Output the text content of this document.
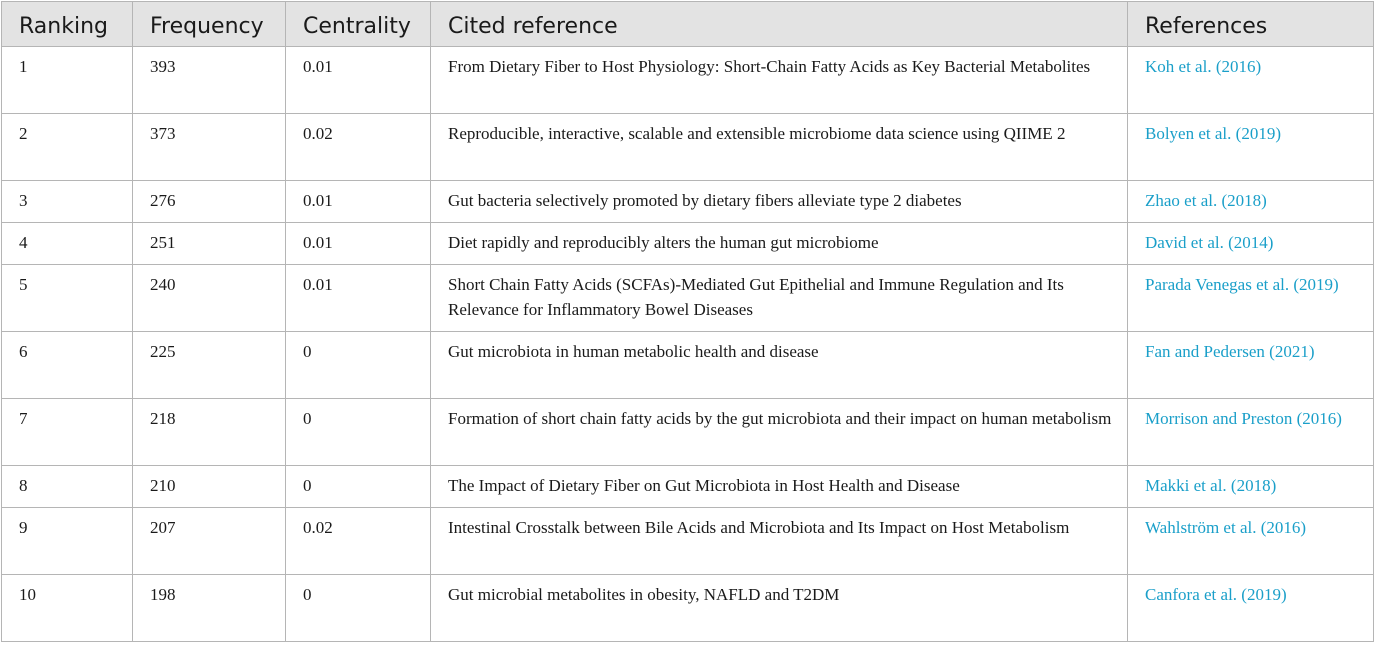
Ranking	Frequency	Centrality	Cited reference	References
1	393	0.01	From Dietary Fiber to Host Physiology: Short-Chain Fatty Acids as Key Bacterial Metabolites	Koh et al. (2016)
2	373	0.02	Reproducible, interactive, scalable and extensible microbiome data science using QIIME 2	Bolyen et al. (2019)
3	276	0.01	Gut bacteria selectively promoted by dietary fibers alleviate type 2 diabetes	Zhao et al. (2018)
4	251	0.01	Diet rapidly and reproducibly alters the human gut microbiome	David et al. (2014)
5	240	0.01	Short Chain Fatty Acids (SCFAs)-Mediated Gut Epithelial and Immune Regulation and Its Relevance for Inflammatory Bowel Diseases	Parada Venegas et al. (2019)
6	225	0	Gut microbiota in human metabolic health and disease	Fan and Pedersen (2021)
7	218	0	Formation of short chain fatty acids by the gut microbiota and their impact on human metabolism	Morrison and Preston (2016)
8	210	0	The Impact of Dietary Fiber on Gut Microbiota in Host Health and Disease	Makki et al. (2018)
9	207	0.02	Intestinal Crosstalk between Bile Acids and Microbiota and Its Impact on Host Metabolism	Wahlström et al. (2016)
10	198	0	Gut microbial metabolites in obesity, NAFLD and T2DM	Canfora et al. (2019)
